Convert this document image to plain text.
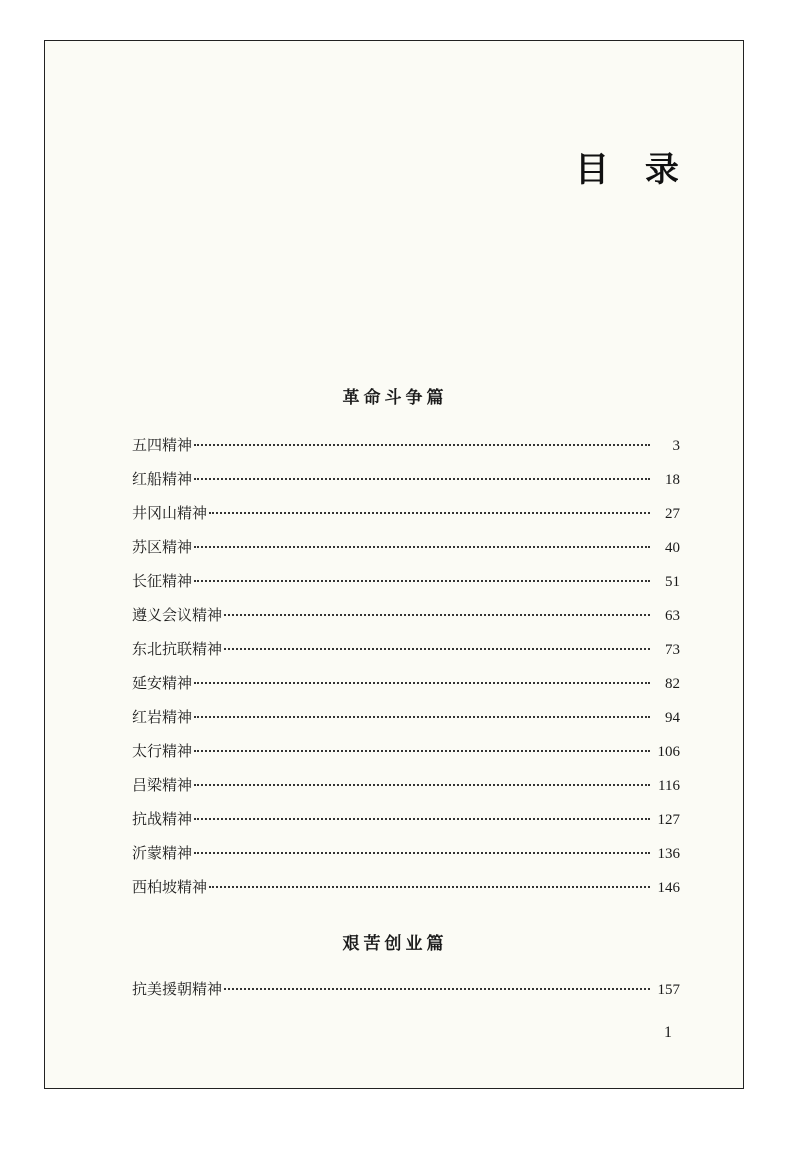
目 录
革命斗争篇
五四精神	3
红船精神	18
井冈山精神	27
苏区精神	40
长征精神	51
遵义会议精神	63
东北抗联精神	73
延安精神	82
红岩精神	94
太行精神	106
吕梁精神	116
抗战精神	127
沂蒙精神	136
西柏坡精神	146
艰苦创业篇
抗美援朝精神	157
1
